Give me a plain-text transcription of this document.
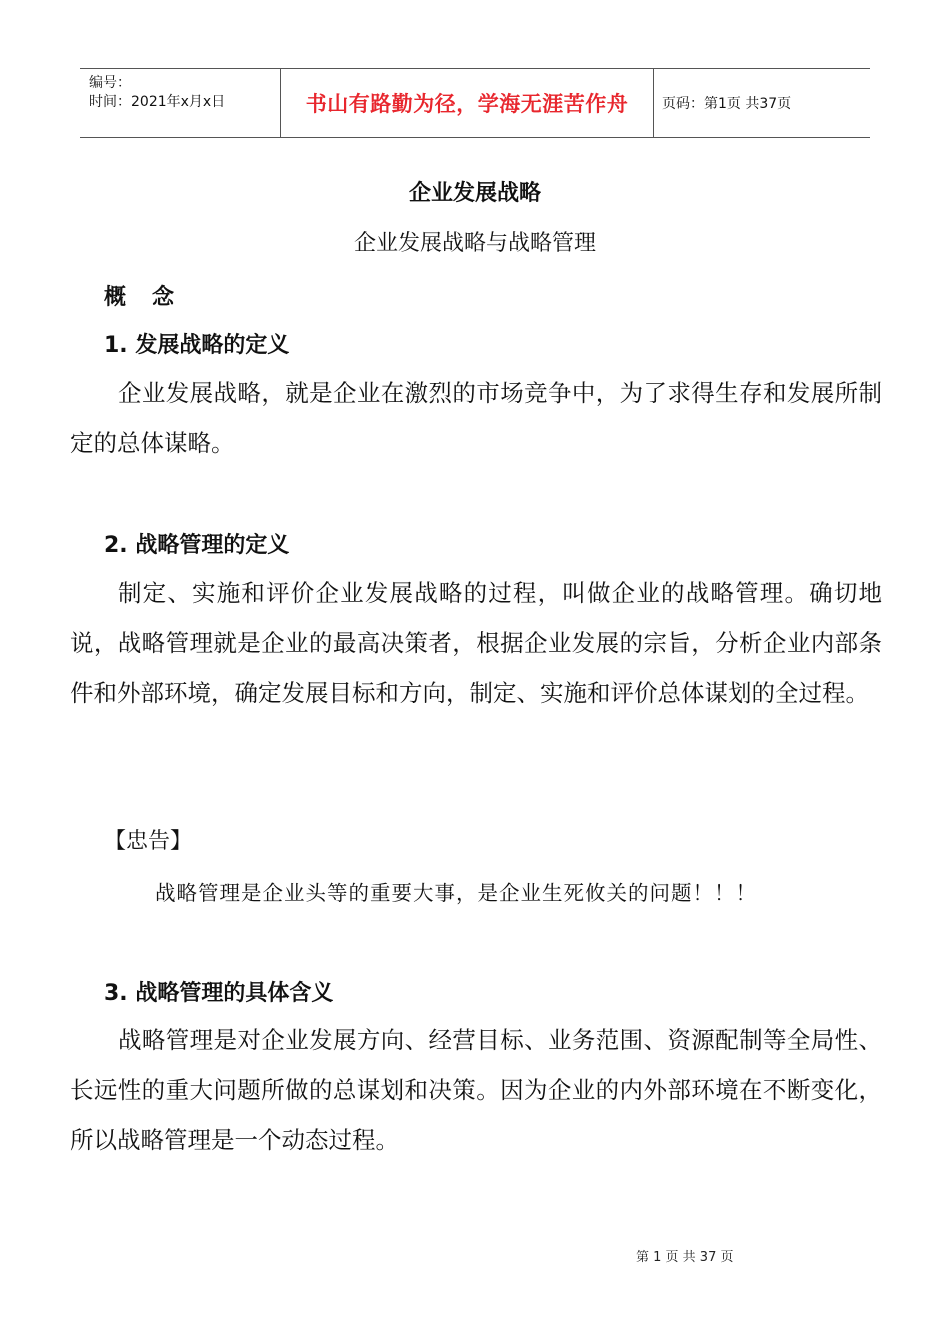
编号：
时间：2021年x月x日	书山有路勤为径，学海无涯苦作舟 页码：第1页 共37页
企业发展战略
企业发展战略与战略管理
概 念
1. 发展战略的定义
企业发展战略，就是企业在激烈的市场竞争中，为了求得生存和发展所制定的总体谋略。
2. 战略管理的定义
制定、实施和评价企业发展战略的过程，叫做企业的战略管理。确切地说，战略管理就是企业的最高决策者，根据企业发展的宗旨，分析企业内部条件和外部环境，确定发展目标和方向，制定、实施和评价总体谋划的全过程。
【忠告】
战略管理是企业头等的重要大事，是企业生死攸关的问题！！！
3. 战略管理的具体含义
战略管理是对企业发展方向、经营目标、业务范围、资源配制等全局性、长远性的重大问题所做的总谋划和决策。因为企业的内外部环境在不断变化，所以战略管理是一个动态过程。
第 1 页 共 37 页
